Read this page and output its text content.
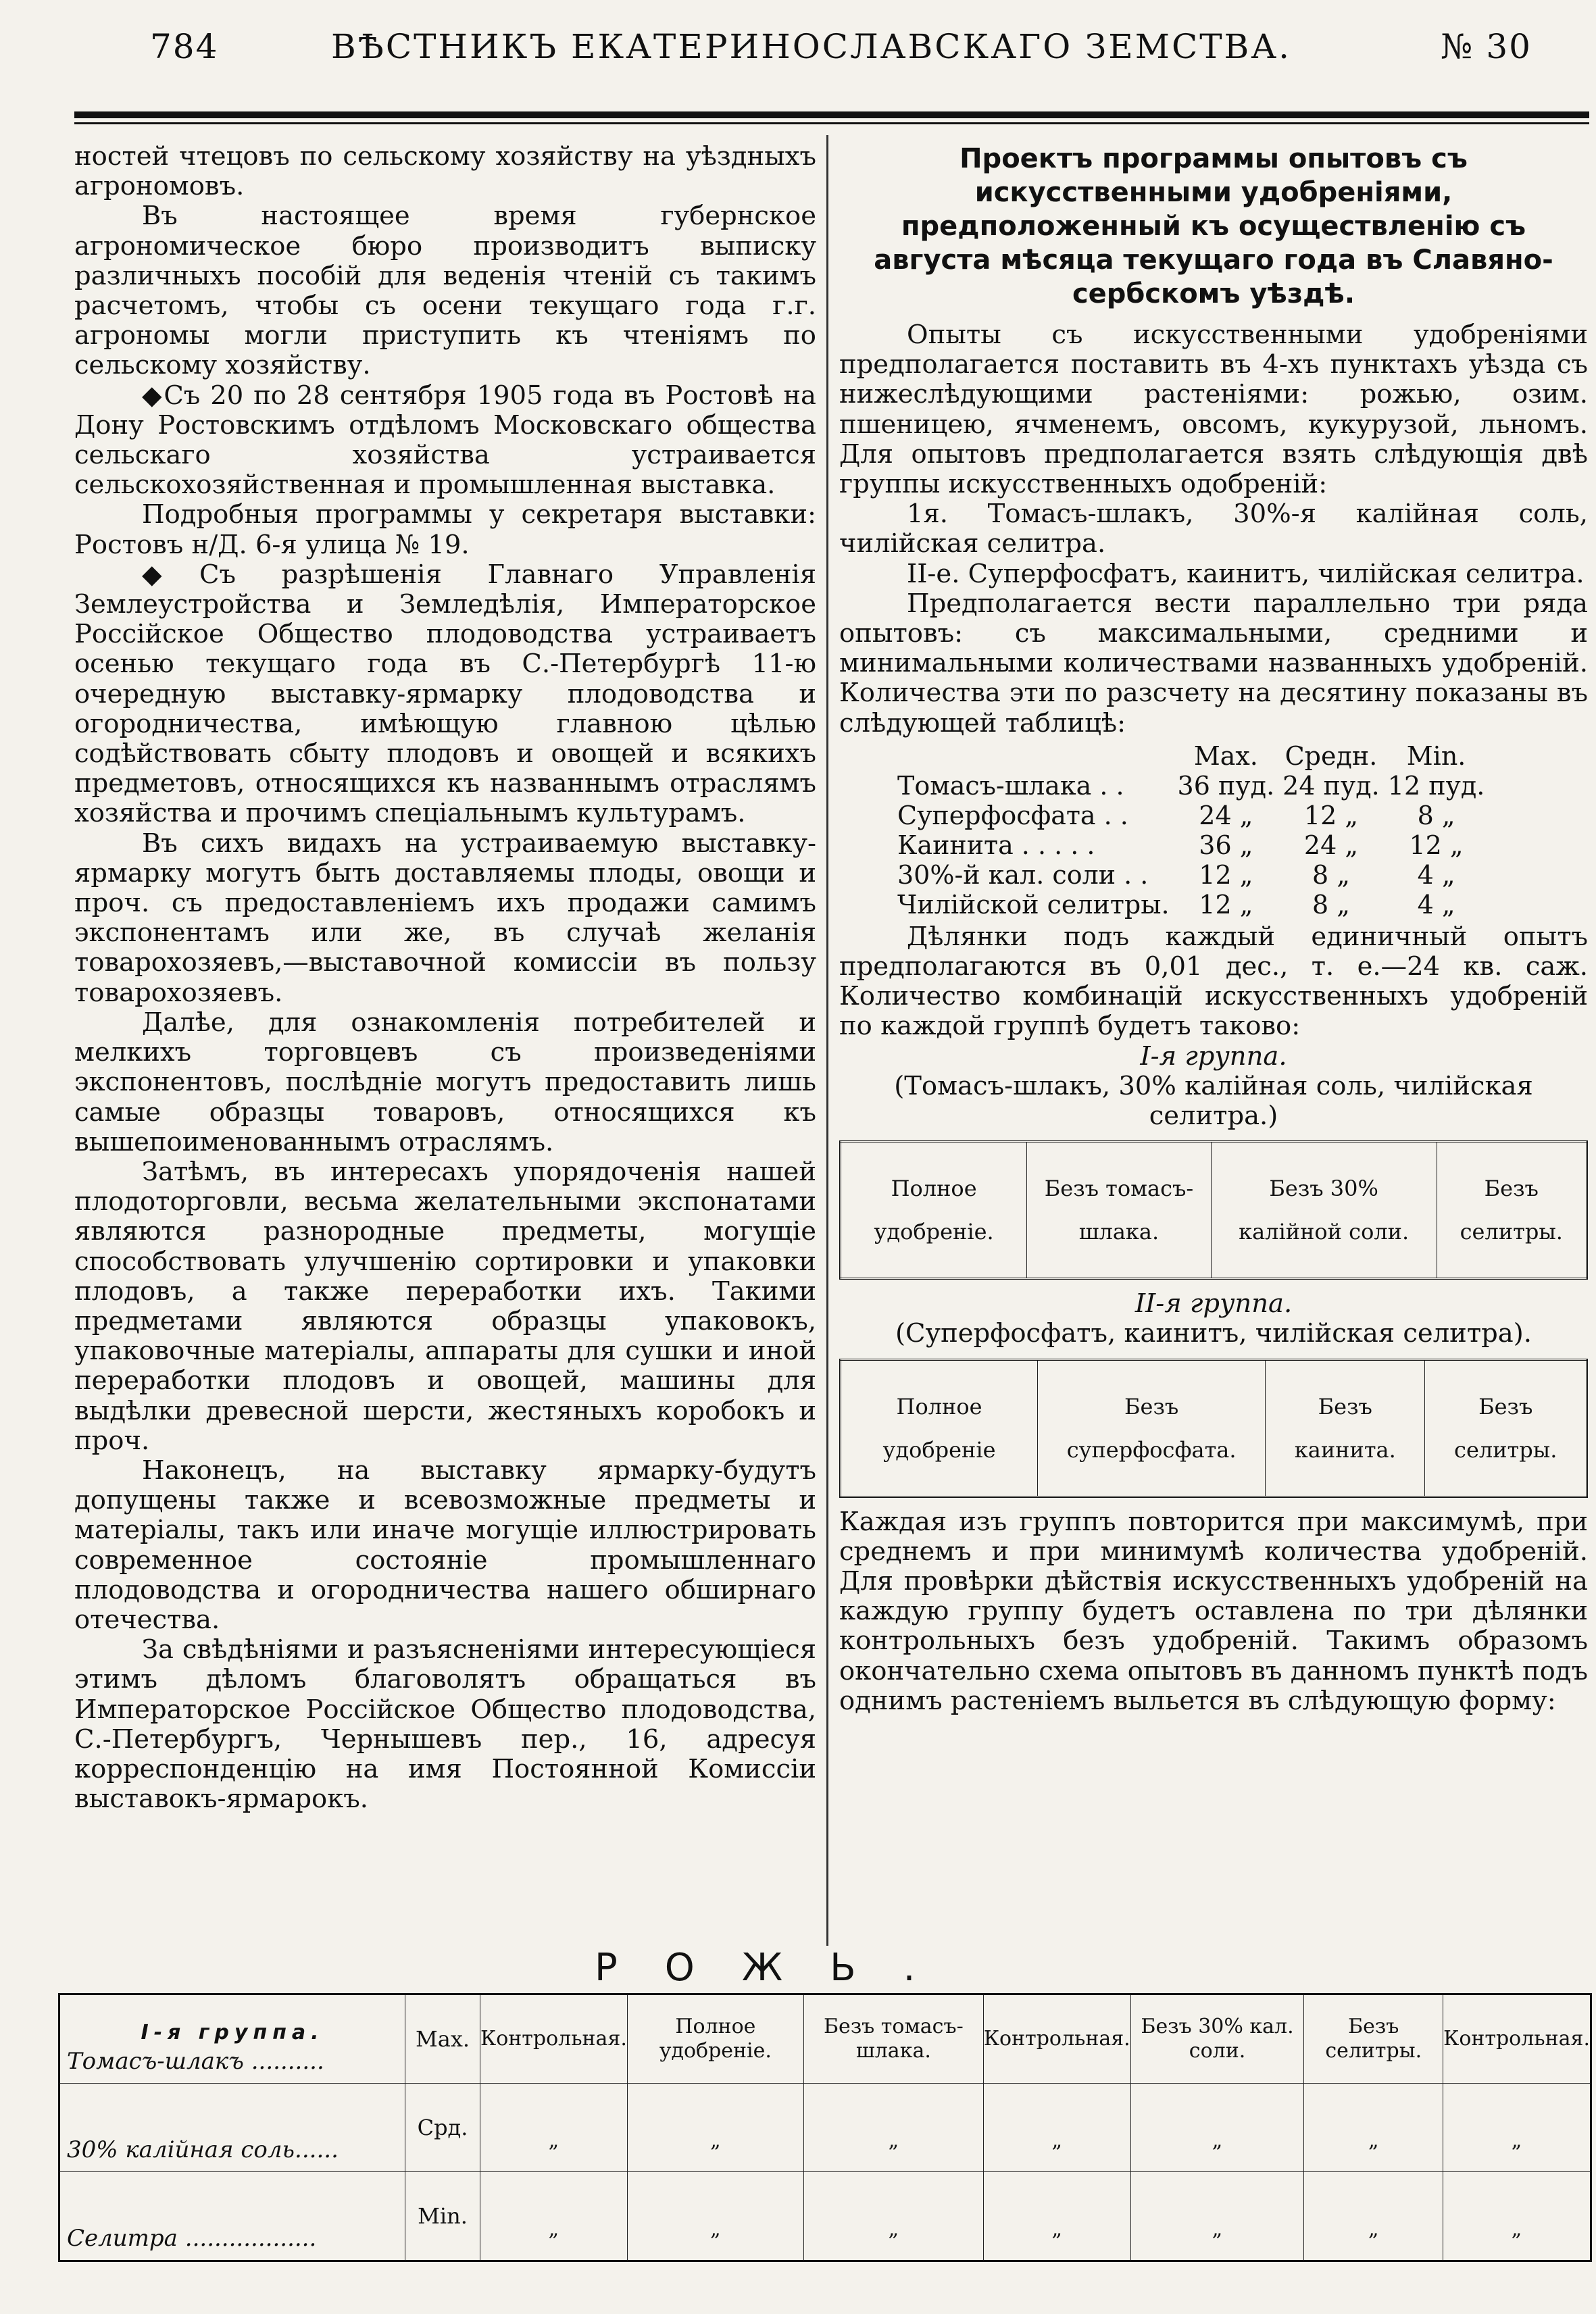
784	ВѢСТНИКЪ ЕКАТЕРИНОСЛАВСКАГО ЗЕМСТВА.	№ 30

ностей чтецовъ по сельскому хозяйству на уѣздныхъ агрономовъ.

Въ настоящее время губернское агрономическое бюро производитъ выписку различныхъ пособій для веденія чтеній съ такимъ расчетомъ, чтобы съ осени текущаго года г.г. агрономы могли приступить къ чтеніямъ по сельскому хозяйству.

◆ Съ 20 по 28 сентября 1905 года въ Ростовѣ на Дону Ростовскимъ отдѣломъ Московскаго общества сельскаго хозяйства устраивается сельскохозяйственная и промышленная выставка.

Подробныя программы у секретаря выставки: Ростовъ н/Д. 6-я улица № 19.

◆ Съ разрѣшенія Главнаго Управленія Землеустройства и Земледѣлія, Императорское Россійское Общество плодоводства устраиваетъ осенью текущаго года въ С.-Петербургѣ 11-ю очередную выставку-ярмарку плодоводства и огородничества, имѣющую главною цѣлью содѣйствовать сбыту плодовъ и овощей и всякихъ предметовъ, относящихся къ названнымъ отраслямъ хозяйства и прочимъ спеціальнымъ культурамъ.

Въ сихъ видахъ на устраиваемую выставку-ярмарку могутъ быть доставляемы плоды, овощи и проч. съ предоставленіемъ ихъ продажи самимъ экспонентамъ или же, въ случаѣ желанія товарохозяевъ,—выставочной комиссіи въ пользу товарохозяевъ.

Далѣе, для ознакомленія потребителей и мелкихъ торговцевъ съ произведеніями экспонентовъ, послѣдніе могутъ предоставить лишь самые образцы товаровъ, относящихся къ вышепоименованнымъ отраслямъ.

Затѣмъ, въ интересахъ упорядоченія нашей плодоторговли, весьма желательными экспонатами являются разнородные предметы, могущіе способствовать улучшенію сортировки и упаковки плодовъ, а также переработки ихъ. Такими предметами являются образцы упаковокъ, упаковочные матеріалы, аппараты для сушки и иной переработки плодовъ и овощей, машины для выдѣлки древесной шерсти, жестяныхъ коробокъ и проч.

Наконецъ, на выставку ярмарку-будутъ допущены также и всевозможные предметы и матеріалы, такъ или иначе могущіе иллюстрировать современное состояніе промышленнаго плодоводства и огородничества нашего обширнаго отечества.

За свѣдѣніями и разъясненіями интересующіеся этимъ дѣломъ благоволятъ обращаться въ Императорское Россійское Общество плодоводства, С.-Петербургъ, Чернышевъ пер., 16, адресуя корреспонденцію на имя Постоянной Комиссіи выставокъ-ярмарокъ.

Проектъ программы опытовъ съ искусственными удобреніями, предположенный къ осуществленію съ августа мѣсяца текущаго года въ Славяно-сербскомъ уѣздѣ.

Опыты съ искусственными удобреніями предполагается поставить въ 4-хъ пунктахъ уѣзда съ нижеслѣдующими растеніями: рожью, озим. пшеницею, ячменемъ, овсомъ, кукурузой, льномъ. Для опытовъ предполагается взять слѣдующія двѣ группы искусственныхъ одобреній:

1я. Томасъ-шлакъ, 30%-я калійная соль, чилійская селитра.

II-е. Суперфосфатъ, каинитъ, чилійская селитра.

Предполагается вести параллельно три ряда опытовъ: съ максимальными, средними и минимальными количествами названныхъ удобреній. Количества эти по разсчету на десятину показаны въ слѣдующей таблицѣ:

	Мах.	Средн.	Min.
Томасъ-шлака . .	36 пуд.	24 пуд.	12 пуд.
Суперфосфата . .	24 „	12 „	8 „
Каинита . . . . .	36 „	24 „	12 „
30%-й кал. соли . .	12 „	8 „	4 „
Чилійской селитры.	12 „	8 „	4 „

Дѣлянки подъ каждый единичный опытъ предполагаются въ 0,01 дес., т. е.—24 кв. саж. Количество комбинацій искусственныхъ удобреній по каждой группѣ будетъ таково:

I-я группа.

(Томасъ-шлакъ, 30% калійная соль, чилійская селитра.)

Полное удобреніе.	Безъ томасъ-шлака.	Безъ 30% калійной соли.	Безъ селитры.

II-я группа.

(Суперфосфатъ, каинитъ, чилійская селитра).

Полное удобреніе	Безъ суперфосфата.	Безъ каинита.	Безъ селитры.

Каждая изъ группъ повторится при максимумѣ, при среднемъ и при минимумѣ количества удобреній. Для провѣрки дѣйствія искусственныхъ удобреній на каждую группу будетъ оставлена по три дѣлянки контрольныхъ безъ удобреній. Такимъ образомъ окончательно схема опытовъ въ данномъ пунктѣ подъ однимъ растеніемъ выльется въ слѣдующую форму:

РОЖЬ.
I-я группа.
Томасъ-шлакъ ..........	Мах.	Контрольная.	Полное удобреніе.	Безъ томасъ-шлака.	Контрольная.	Безъ 30% кал. соли.	Безъ селитры.	Контрольная.

30% калійная соль......	Срд.	„	„	„	„	„	„	„

Селитра ..................	Min.	„	„	„	„	„	„	„
